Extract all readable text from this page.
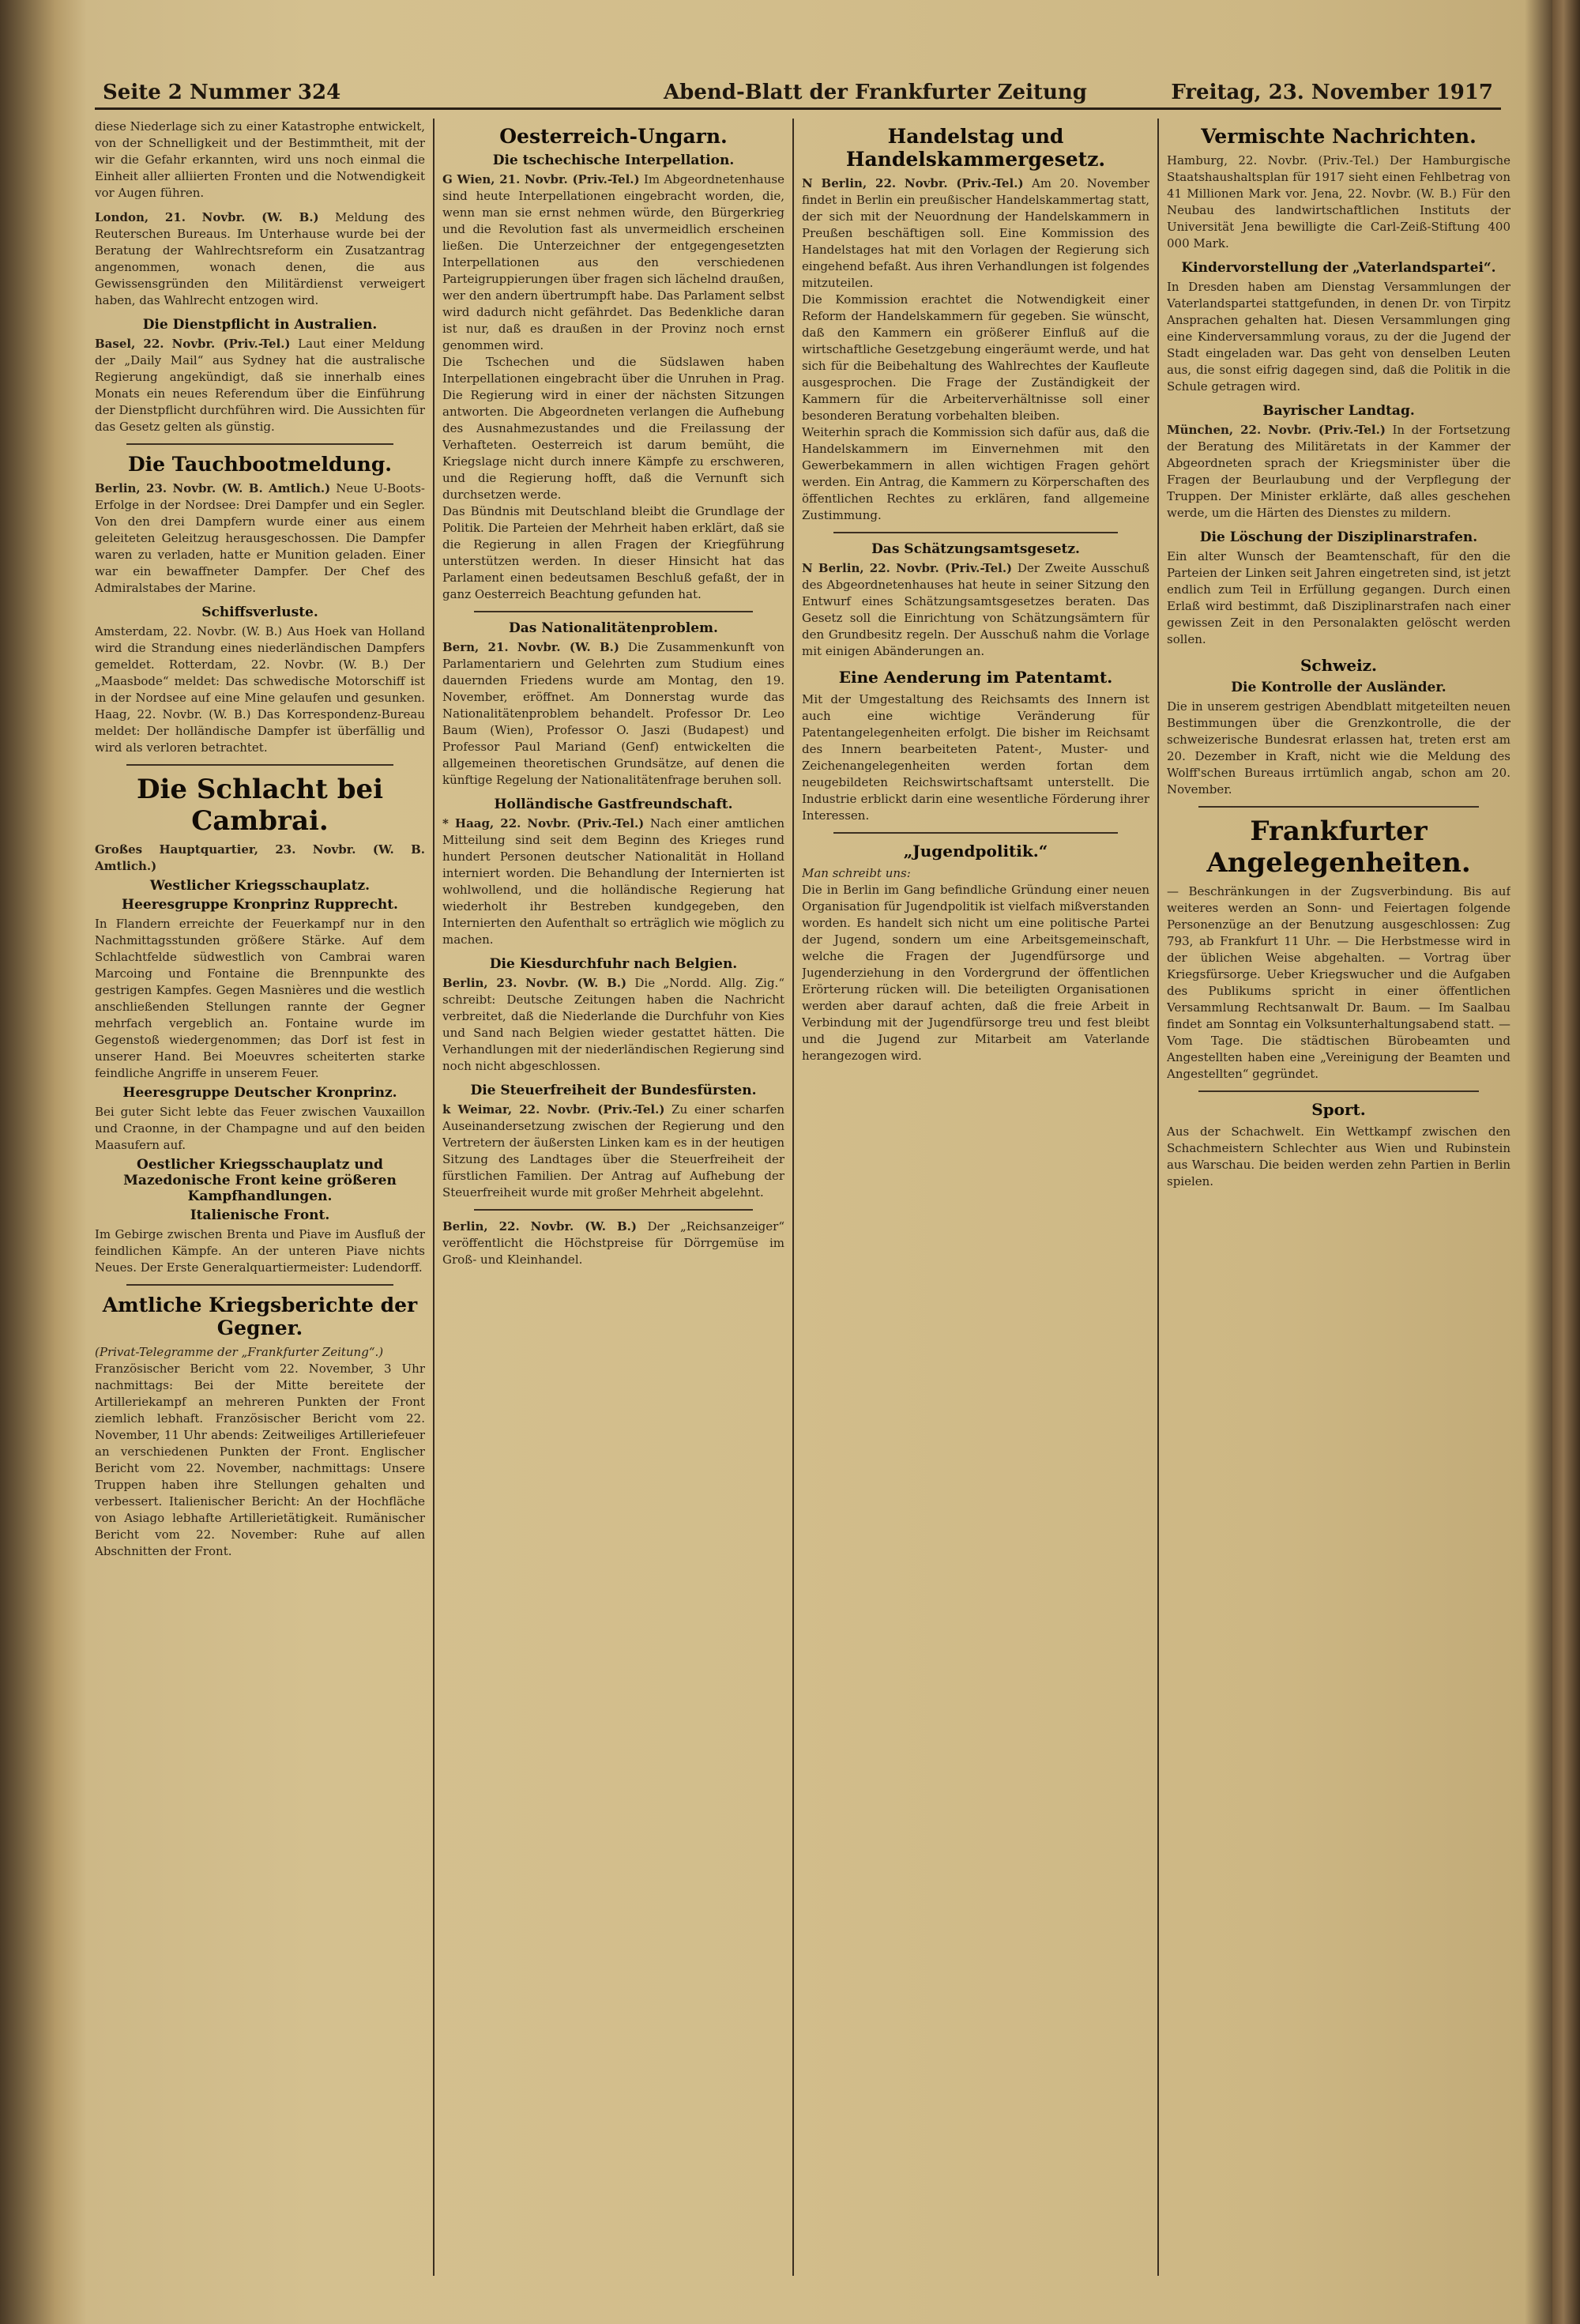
Seite 2 Nummer 324	Abend-Blatt der Frankfurter Zeitung	Freitag, 23. November 1917

diese Niederlage sich zu einer Katastrophe entwickelt, von der Schnelligkeit und der Bestimmtheit, mit der wir die Gefahr erkannten, wird uns noch einmal die Einheit aller alliierten Fronten und die Notwendigkeit vor Augen führen.

London, 21. Novbr. (W. B.) Meldung des Reuterschen Bureaus. Im Unterhause wurde bei der Beratung der Wahlrechtsreform ein Zusatzantrag angenommen, wonach denen, die aus Gewissensgründen den Militärdienst verweigert haben, das Wahlrecht entzogen wird.

Die Dienstpflicht in Australien.

Basel, 22. Novbr. (Priv.-Tel.) Laut einer Meldung der „Daily Mail“ aus Sydney hat die australische Regierung angekündigt, daß sie innerhalb eines Monats ein neues Referendum über die Einführung der Dienstpflicht durchführen wird. Die Aussichten für das Gesetz gelten als günstig.

Die Tauchbootmeldung.

Berlin, 23. Novbr. (W. B. Amtlich.) Neue U-Boots-Erfolge in der Nordsee: Drei Dampfer und ein Segler. Von den drei Dampfern wurde einer aus einem geleiteten Geleitzug herausgeschossen. Die Dampfer waren zu verladen, hatte er Munition geladen. Einer war ein bewaffneter Dampfer. Der Chef des Admiralstabes der Marine.

Schiffsverluste.

Amsterdam, 22. Novbr. (W. B.) Aus Hoek van Holland wird die Strandung eines niederländischen Dampfers gemeldet. Rotterdam, 22. Novbr. (W. B.) Der „Maasbode“ meldet: Das schwedische Motorschiff ist in der Nordsee auf eine Mine gelaufen und gesunken. Haag, 22. Novbr. (W. B.) Das Korrespondenz-Bureau meldet: Der holländische Dampfer ist überfällig und wird als verloren betrachtet.

Die Schlacht bei Cambrai.

Großes Hauptquartier, 23. Novbr. (W. B. Amtlich.)

Westlicher Kriegsschauplatz.
Heeresgruppe Kronprinz Rupprecht.

In Flandern erreichte der Feuerkampf nur in den Nachmittagsstunden größere Stärke. Auf dem Schlachtfelde südwestlich von Cambrai waren Marcoing und Fontaine die Brennpunkte des gestrigen Kampfes. Gegen Masnières und die westlich anschließenden Stellungen rannte der Gegner mehrfach vergeblich an. Fontaine wurde im Gegenstoß wiedergenommen; das Dorf ist fest in unserer Hand. Bei Moeuvres scheiterten starke feindliche Angriffe in unserem Feuer.

Heeresgruppe Deutscher Kronprinz.

Bei guter Sicht lebte das Feuer zwischen Vauxaillon und Craonne, in der Champagne und auf den beiden Maasufern auf.

Oestlicher Kriegsschauplatz und Mazedonische Front keine größeren Kampfhandlungen.
Italienische Front.

Im Gebirge zwischen Brenta und Piave im Ausfluß der feindlichen Kämpfe. An der unteren Piave nichts Neues. Der Erste Generalquartiermeister: Ludendorff.

Amtliche Kriegsberichte der Gegner.

(Privat-Telegramme der „Frankfurter Zeitung“.)

Französischer Bericht vom 22. November, 3 Uhr nachmittags: Bei der Mitte bereitete der Artilleriekampf an mehreren Punkten der Front ziemlich lebhaft. Französischer Bericht vom 22. November, 11 Uhr abends: Zeitweiliges Artilleriefeuer an verschiedenen Punkten der Front. Englischer Bericht vom 22. November, nachmittags: Unsere Truppen haben ihre Stellungen gehalten und verbessert. Italienischer Bericht: An der Hochfläche von Asiago lebhafte Artillerietätigkeit. Rumänischer Bericht vom 22. November: Ruhe auf allen Abschnitten der Front.

Oesterreich-Ungarn.
Die tschechische Interpellation.

G Wien, 21. Novbr. (Priv.-Tel.) Im Abgeordnetenhause sind heute Interpellationen eingebracht worden, die, wenn man sie ernst nehmen würde, den Bürgerkrieg und die Revolution fast als unvermeidlich erscheinen ließen. Die Unterzeichner der entgegengesetzten Interpellationen aus den verschiedenen Parteigruppierungen über fragen sich lächelnd draußen, wer den andern übertrumpft habe. Das Parlament selbst wird dadurch nicht gefährdet. Das Bedenkliche daran ist nur, daß es draußen in der Provinz noch ernst genommen wird.

Die Tschechen und die Südslawen haben Interpellationen eingebracht über die Unruhen in Prag. Die Regierung wird in einer der nächsten Sitzungen antworten. Die Abgeordneten verlangen die Aufhebung des Ausnahmezustandes und die Freilassung der Verhafteten. Oesterreich ist darum bemüht, die Kriegslage nicht durch innere Kämpfe zu erschweren, und die Regierung hofft, daß die Vernunft sich durchsetzen werde.

Das Bündnis mit Deutschland bleibt die Grundlage der Politik. Die Parteien der Mehrheit haben erklärt, daß sie die Regierung in allen Fragen der Kriegführung unterstützen werden. In dieser Hinsicht hat das Parlament einen bedeutsamen Beschluß gefaßt, der in ganz Oesterreich Beachtung gefunden hat.

Das Nationalitätenproblem.

Bern, 21. Novbr. (W. B.) Die Zusammenkunft von Parlamentariern und Gelehrten zum Studium eines dauernden Friedens wurde am Montag, den 19. November, eröffnet. Am Donnerstag wurde das Nationalitätenproblem behandelt. Professor Dr. Leo Baum (Wien), Professor O. Jaszi (Budapest) und Professor Paul Mariand (Genf) entwickelten die allgemeinen theoretischen Grundsätze, auf denen die künftige Regelung der Nationalitätenfrage beruhen soll.

Holländische Gastfreundschaft.

* Haag, 22. Novbr. (Priv.-Tel.) Nach einer amtlichen Mitteilung sind seit dem Beginn des Krieges rund hundert Personen deutscher Nationalität in Holland interniert worden. Die Behandlung der Internierten ist wohlwollend, und die holländische Regierung hat wiederholt ihr Bestreben kundgegeben, den Internierten den Aufenthalt so erträglich wie möglich zu machen.

Die Kiesdurchfuhr nach Belgien.

Berlin, 23. Novbr. (W. B.) Die „Nordd. Allg. Zig.“ schreibt: Deutsche Zeitungen haben die Nachricht verbreitet, daß die Niederlande die Durchfuhr von Kies und Sand nach Belgien wieder gestattet hätten. Die Verhandlungen mit der niederländischen Regierung sind noch nicht abgeschlossen.

Die Steuerfreiheit der Bundesfürsten.

k Weimar, 22. Novbr. (Priv.-Tel.) Zu einer scharfen Auseinandersetzung zwischen der Regierung und den Vertretern der äußersten Linken kam es in der heutigen Sitzung des Landtages über die Steuerfreiheit der fürstlichen Familien. Der Antrag auf Aufhebung der Steuerfreiheit wurde mit großer Mehrheit abgelehnt.

Berlin, 22. Novbr. (W. B.) Der „Reichsanzeiger“ veröffentlicht die Höchstpreise für Dörrgemüse im Groß- und Kleinhandel.

Handelstag und Handelskammergesetz.

N Berlin, 22. Novbr. (Priv.-Tel.) Am 20. November findet in Berlin ein preußischer Handelskammertag statt, der sich mit der Neuordnung der Handelskammern in Preußen beschäftigen soll. Eine Kommission des Handelstages hat mit den Vorlagen der Regierung sich eingehend befaßt. Aus ihren Verhandlungen ist folgendes mitzuteilen.

Die Kommission erachtet die Notwendigkeit einer Reform der Handelskammern für gegeben. Sie wünscht, daß den Kammern ein größerer Einfluß auf die wirtschaftliche Gesetzgebung eingeräumt werde, und hat sich für die Beibehaltung des Wahlrechtes der Kaufleute ausgesprochen. Die Frage der Zuständigkeit der Kammern für die Arbeiterverhältnisse soll einer besonderen Beratung vorbehalten bleiben.

Weiterhin sprach die Kommission sich dafür aus, daß die Handelskammern im Einvernehmen mit den Gewerbekammern in allen wichtigen Fragen gehört werden. Ein Antrag, die Kammern zu Körperschaften des öffentlichen Rechtes zu erklären, fand allgemeine Zustimmung.

Das Schätzungsamtsgesetz.

N Berlin, 22. Novbr. (Priv.-Tel.) Der Zweite Ausschuß des Abgeordnetenhauses hat heute in seiner Sitzung den Entwurf eines Schätzungsamtsgesetzes beraten. Das Gesetz soll die Einrichtung von Schätzungsämtern für den Grundbesitz regeln. Der Ausschuß nahm die Vorlage mit einigen Abänderungen an.

Eine Aenderung im Patentamt.

Mit der Umgestaltung des Reichsamts des Innern ist auch eine wichtige Veränderung für Patentangelegenheiten erfolgt. Die bisher im Reichsamt des Innern bearbeiteten Patent-, Muster- und Zeichenangelegenheiten werden fortan dem neugebildeten Reichswirtschaftsamt unterstellt. Die Industrie erblickt darin eine wesentliche Förderung ihrer Interessen.

„Jugendpolitik.“

Man schreibt uns:

Die in Berlin im Gang befindliche Gründung einer neuen Organisation für Jugendpolitik ist vielfach mißverstanden worden. Es handelt sich nicht um eine politische Partei der Jugend, sondern um eine Arbeitsgemeinschaft, welche die Fragen der Jugendfürsorge und Jugenderziehung in den Vordergrund der öffentlichen Erörterung rücken will. Die beteiligten Organisationen werden aber darauf achten, daß die freie Arbeit in Verbindung mit der Jugendfürsorge treu und fest bleibt und die Jugend zur Mitarbeit am Vaterlande herangezogen wird.

Vermischte Nachrichten.

Hamburg, 22. Novbr. (Priv.-Tel.) Der Hamburgische Staatshaushaltsplan für 1917 sieht einen Fehlbetrag von 41 Millionen Mark vor. Jena, 22. Novbr. (W. B.) Für den Neubau des landwirtschaftlichen Instituts der Universität Jena bewilligte die Carl-Zeiß-Stiftung 400 000 Mark.

Kindervorstellung der „Vaterlandspartei“.

In Dresden haben am Dienstag Versammlungen der Vaterlandspartei stattgefunden, in denen Dr. von Tirpitz Ansprachen gehalten hat. Diesen Versammlungen ging eine Kinderversammlung voraus, zu der die Jugend der Stadt eingeladen war. Das geht von denselben Leuten aus, die sonst eifrig dagegen sind, daß die Politik in die Schule getragen wird.

Bayrischer Landtag.

München, 22. Novbr. (Priv.-Tel.) In der Fortsetzung der Beratung des Militäretats in der Kammer der Abgeordneten sprach der Kriegsminister über die Fragen der Beurlaubung und der Verpflegung der Truppen. Der Minister erklärte, daß alles geschehen werde, um die Härten des Dienstes zu mildern.

Die Löschung der Disziplinarstrafen.

Ein alter Wunsch der Beamtenschaft, für den die Parteien der Linken seit Jahren eingetreten sind, ist jetzt endlich zum Teil in Erfüllung gegangen. Durch einen Erlaß wird bestimmt, daß Disziplinarstrafen nach einer gewissen Zeit in den Personalakten gelöscht werden sollen.

Schweiz.
Die Kontrolle der Ausländer.

Die in unserem gestrigen Abendblatt mitgeteilten neuen Bestimmungen über die Grenzkontrolle, die der schweizerische Bundesrat erlassen hat, treten erst am 20. Dezember in Kraft, nicht wie die Meldung des Wolff'schen Bureaus irrtümlich angab, schon am 20. November.

Frankfurter Angelegenheiten.

— Beschränkungen in der Zugsverbindung. Bis auf weiteres werden an Sonn- und Feiertagen folgende Personenzüge an der Benutzung ausgeschlossen: Zug 793, ab Frankfurt 11 Uhr. — Die Herbstmesse wird in der üblichen Weise abgehalten. — Vortrag über Kriegsfürsorge. Ueber Kriegswucher und die Aufgaben des Publikums spricht in einer öffentlichen Versammlung Rechtsanwalt Dr. Baum. — Im Saalbau findet am Sonntag ein Volksunterhaltungsabend statt. — Vom Tage. Die städtischen Bürobeamten und Angestellten haben eine „Vereinigung der Beamten und Angestellten“ gegründet.

Sport.

Aus der Schachwelt. Ein Wettkampf zwischen den Schachmeistern Schlechter aus Wien und Rubinstein aus Warschau. Die beiden werden zehn Partien in Berlin spielen.
